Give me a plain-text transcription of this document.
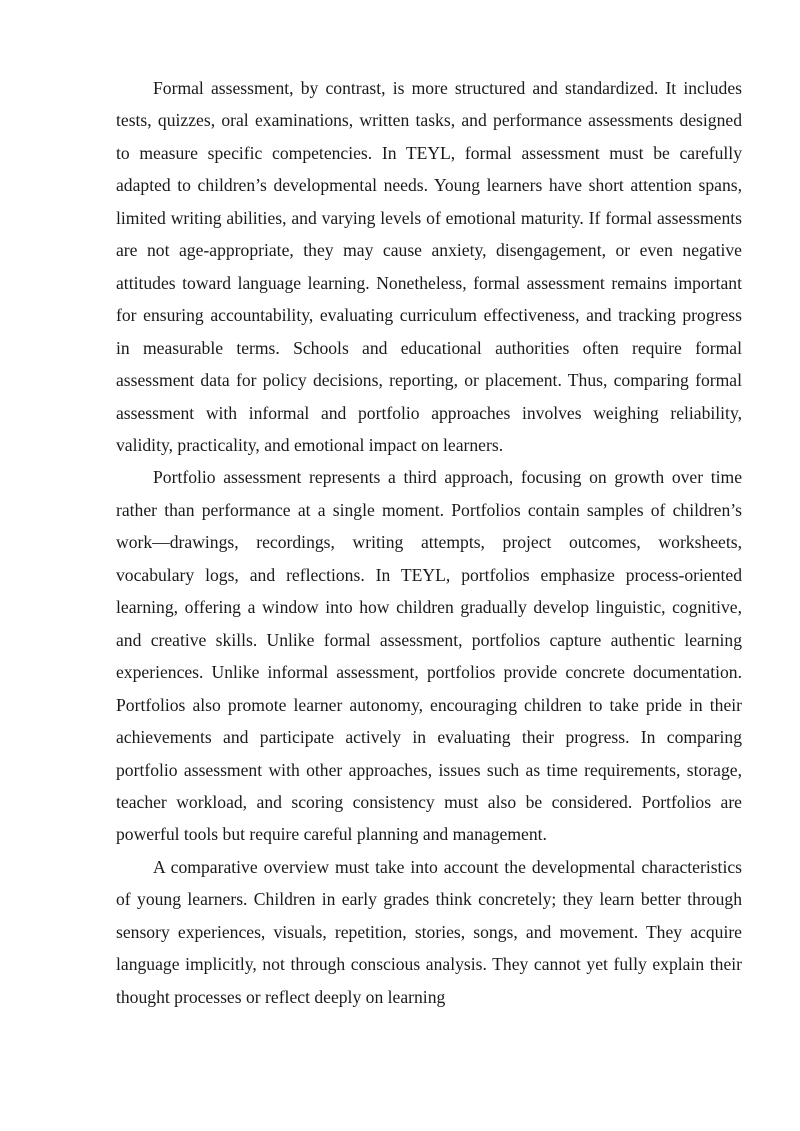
Formal assessment, by contrast, is more structured and standardized. It includes tests, quizzes, oral examinations, written tasks, and performance assessments designed to measure specific competencies. In TEYL, formal assessment must be carefully adapted to children’s developmental needs. Young learners have short attention spans, limited writing abilities, and varying levels of emotional maturity. If formal assessments are not age-appropriate, they may cause anxiety, disengagement, or even negative attitudes toward language learning. Nonetheless, formal assessment remains important for ensuring accountability, evaluating curriculum effectiveness, and tracking progress in measurable terms. Schools and educational authorities often require formal assessment data for policy decisions, reporting, or placement. Thus, comparing formal assessment with informal and portfolio approaches involves weighing reliability, validity, practicality, and emotional impact on learners.

Portfolio assessment represents a third approach, focusing on growth over time rather than performance at a single moment. Portfolios contain samples of children’s work—drawings, recordings, writing attempts, project outcomes, worksheets, vocabulary logs, and reflections. In TEYL, portfolios emphasize process-oriented learning, offering a window into how children gradually develop linguistic, cognitive, and creative skills. Unlike formal assessment, portfolios capture authentic learning experiences. Unlike informal assessment, portfolios provide concrete documentation. Portfolios also promote learner autonomy, encouraging children to take pride in their achievements and participate actively in evaluating their progress. In comparing portfolio assessment with other approaches, issues such as time requirements, storage, teacher workload, and scoring consistency must also be considered. Portfolios are powerful tools but require careful planning and management.

A comparative overview must take into account the developmental characteristics of young learners. Children in early grades think concretely; they learn better through sensory experiences, visuals, repetition, stories, songs, and movement. They acquire language implicitly, not through conscious analysis. They cannot yet fully explain their thought processes or reflect deeply on learning
